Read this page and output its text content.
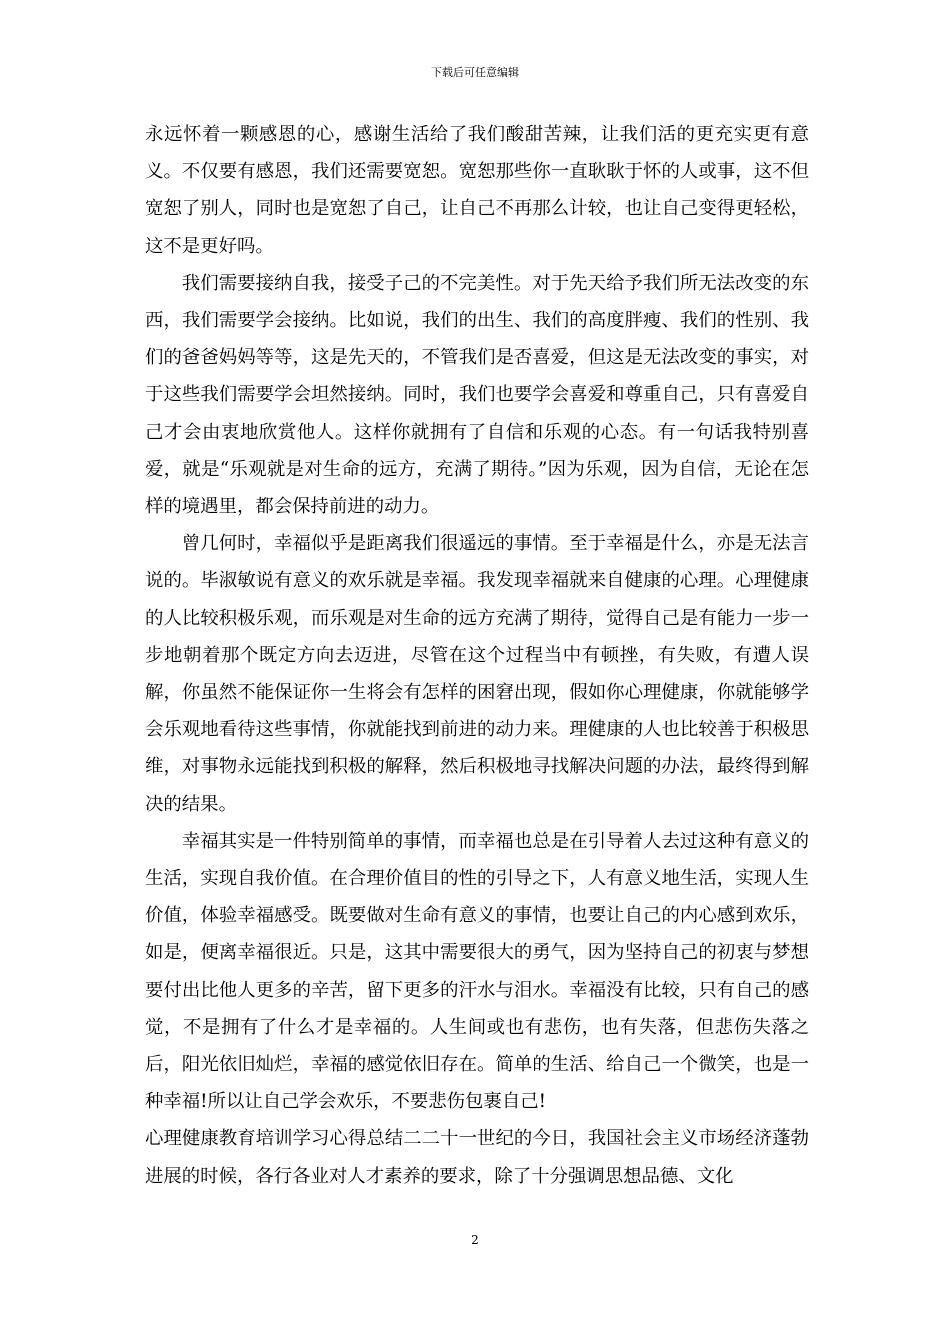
下载后可任意编辑

永远怀着一颗感恩的心，感谢生活给了我们酸甜苦辣，让我们活的更充实更有意义。不仅要有感恩，我们还需要宽恕。宽恕那些你一直耿耿于怀的人或事，这不但宽恕了别人，同时也是宽恕了自己，让自己不再那么计较，也让自己变得更轻松，这不是更好吗。

我们需要接纳自我，接受子己的不完美性。对于先天给予我们所无法改变的东西，我们需要学会接纳。比如说，我们的出生、我们的高度胖瘦、我们的性别、我们的爸爸妈妈等等，这是先天的，不管我们是否喜爱，但这是无法改变的事实，对于这些我们需要学会坦然接纳。同时，我们也要学会喜爱和尊重自己，只有喜爱自己才会由衷地欣赏他人。这样你就拥有了自信和乐观的心态。有一句话我特别喜爱，就是“乐观就是对生命的远方，充满了期待。”因为乐观，因为自信，无论在怎样的境遇里，都会保持前进的动力。

曾几何时，幸福似乎是距离我们很遥远的事情。至于幸福是什么，亦是无法言说的。毕淑敏说有意义的欢乐就是幸福。我发现幸福就来自健康的心理。心理健康的人比较积极乐观，而乐观是对生命的远方充满了期待，觉得自己是有能力一步一步地朝着那个既定方向去迈进，尽管在这个过程当中有顿挫，有失败，有遭人误解，你虽然不能保证你一生将会有怎样的困窘出现，假如你心理健康，你就能够学会乐观地看待这些事情，你就能找到前进的动力来。理健康的人也比较善于积极思维，对事物永远能找到积极的解释，然后积极地寻找解决问题的办法，最终得到解决的结果。

幸福其实是一件特别简单的事情，而幸福也总是在引导着人去过这种有意义的生活，实现自我价值。在合理价值目的性的引导之下，人有意义地生活，实现人生价值，体验幸福感受。既要做对生命有意义的事情，也要让自己的内心感到欢乐，如是，便离幸福很近。只是，这其中需要很大的勇气，因为坚持自己的初衷与梦想要付出比他人更多的辛苦，留下更多的汗水与泪水。幸福没有比较，只有自己的感觉，不是拥有了什么才是幸福的。人生间或也有悲伤，也有失落，但悲伤失落之后，阳光依旧灿烂，幸福的感觉依旧存在。简单的生活、给自己一个微笑，也是一种幸福!所以让自己学会欢乐，不要悲伤包裹自己!

心理健康教育培训学习心得总结二二十一世纪的今日，我国社会主义市场经济蓬勃进展的时候，各行各业对人才素养的要求，除了十分强调思想品德、文化

2
